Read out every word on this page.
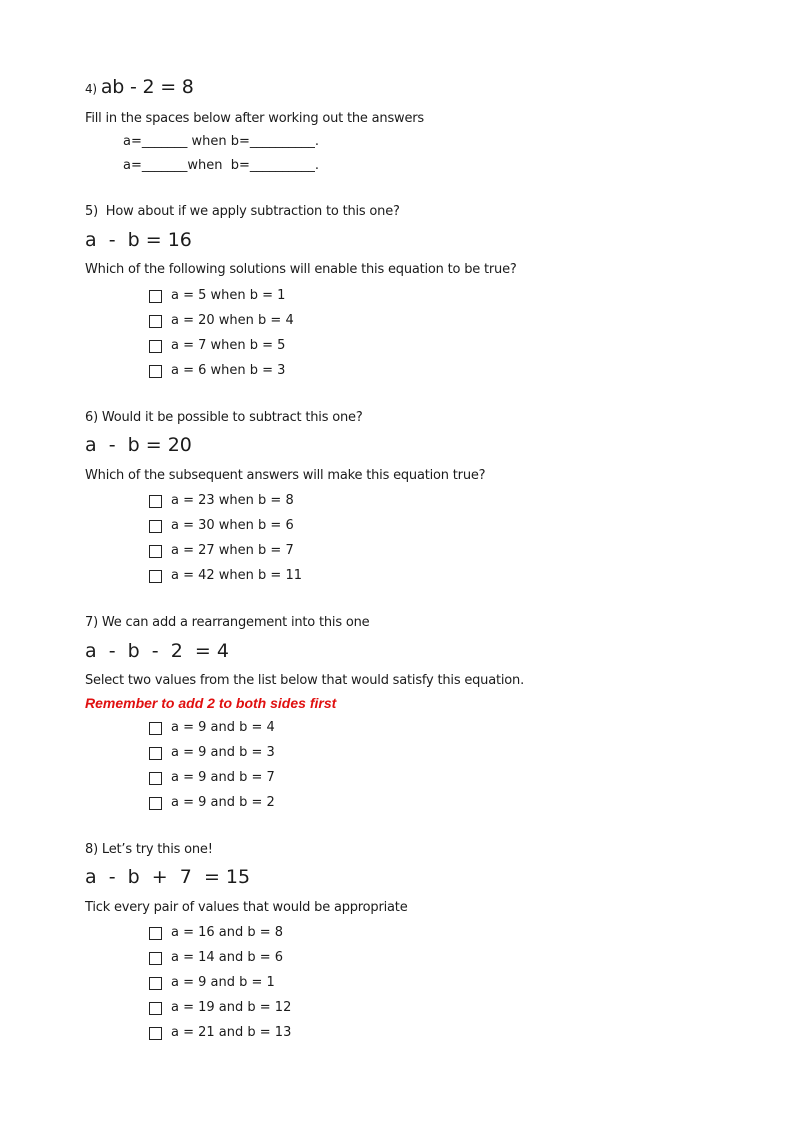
4) ab - 2 = 8
Fill in the spaces below after working out the answers
a=_______ when b=__________.
a=_______when  b=__________.
5)  How about if we apply subtraction to this one?
a  -  b = 16
Which of the following solutions will enable this equation to be true?
a = 5 when b = 1
a = 20 when b = 4
a = 7 when b = 5
a = 6 when b = 3
6) Would it be possible to subtract this one?
a  -  b = 20
Which of the subsequent answers will make this equation true?
a = 23 when b = 8
a = 30 when b = 6
a = 27 when b = 7
a = 42 when b = 11
7) We can add a rearrangement into this one
a  -  b  -  2  = 4
Select two values from the list below that would satisfy this equation.
Remember to add 2 to both sides first
a = 9 and b = 4
a = 9 and b = 3
a = 9 and b = 7
a = 9 and b = 2
8) Let’s try this one!
a  -  b  +  7  = 15
Tick every pair of values that would be appropriate
a = 16 and b = 8
a = 14 and b = 6
a = 9 and b = 1
a = 19 and b = 12
a = 21 and b = 13
